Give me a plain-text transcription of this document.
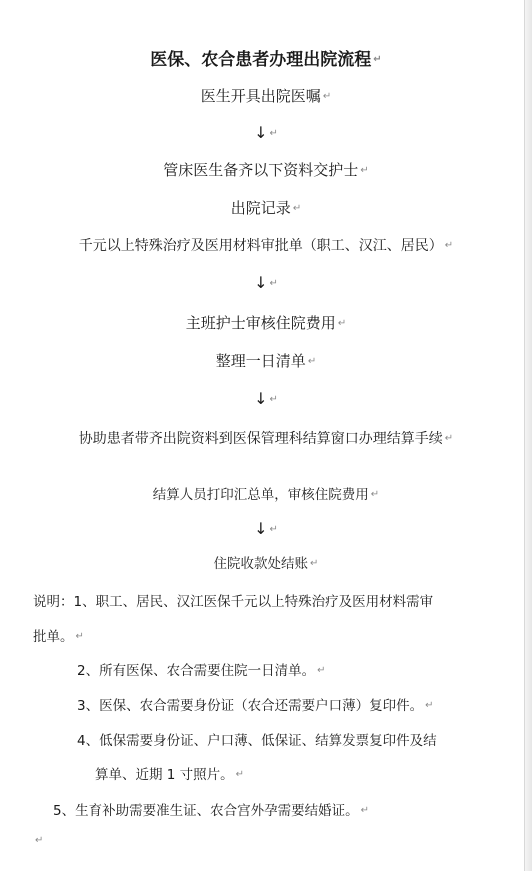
医保、农合患者办理出院流程 ↵
医生开具出院医嘱 ↵
↓ ↵
管床医生备齐以下资料交护士 ↵
出院记录 ↵
千元以上特殊治疗及医用材料审批单（职工、汉江、居民） ↵
↓ ↵
主班护士审核住院费用 ↵
整理一日清单 ↵
↓ ↵
协助患者带齐出院资料到医保管理科结算窗口办理结算手续 ↵
结算人员打印汇总单，审核住院费用 ↵
↓ ↵
住院收款处结账 ↵
说明：1、职工、居民、汉江医保千元以上特殊治疗及医用材料需审
批单。 ↵
2、所有医保、农合需要住院一日清单。 ↵
3、医保、农合需要身份证（农合还需要户口薄）复印件。 ↵
4、低保需要身份证、户口薄、低保证、结算发票复印件及结
算单、近期 1 寸照片。 ↵
5、生育补助需要准生证、农合宫外孕需要结婚证。 ↵
↵
